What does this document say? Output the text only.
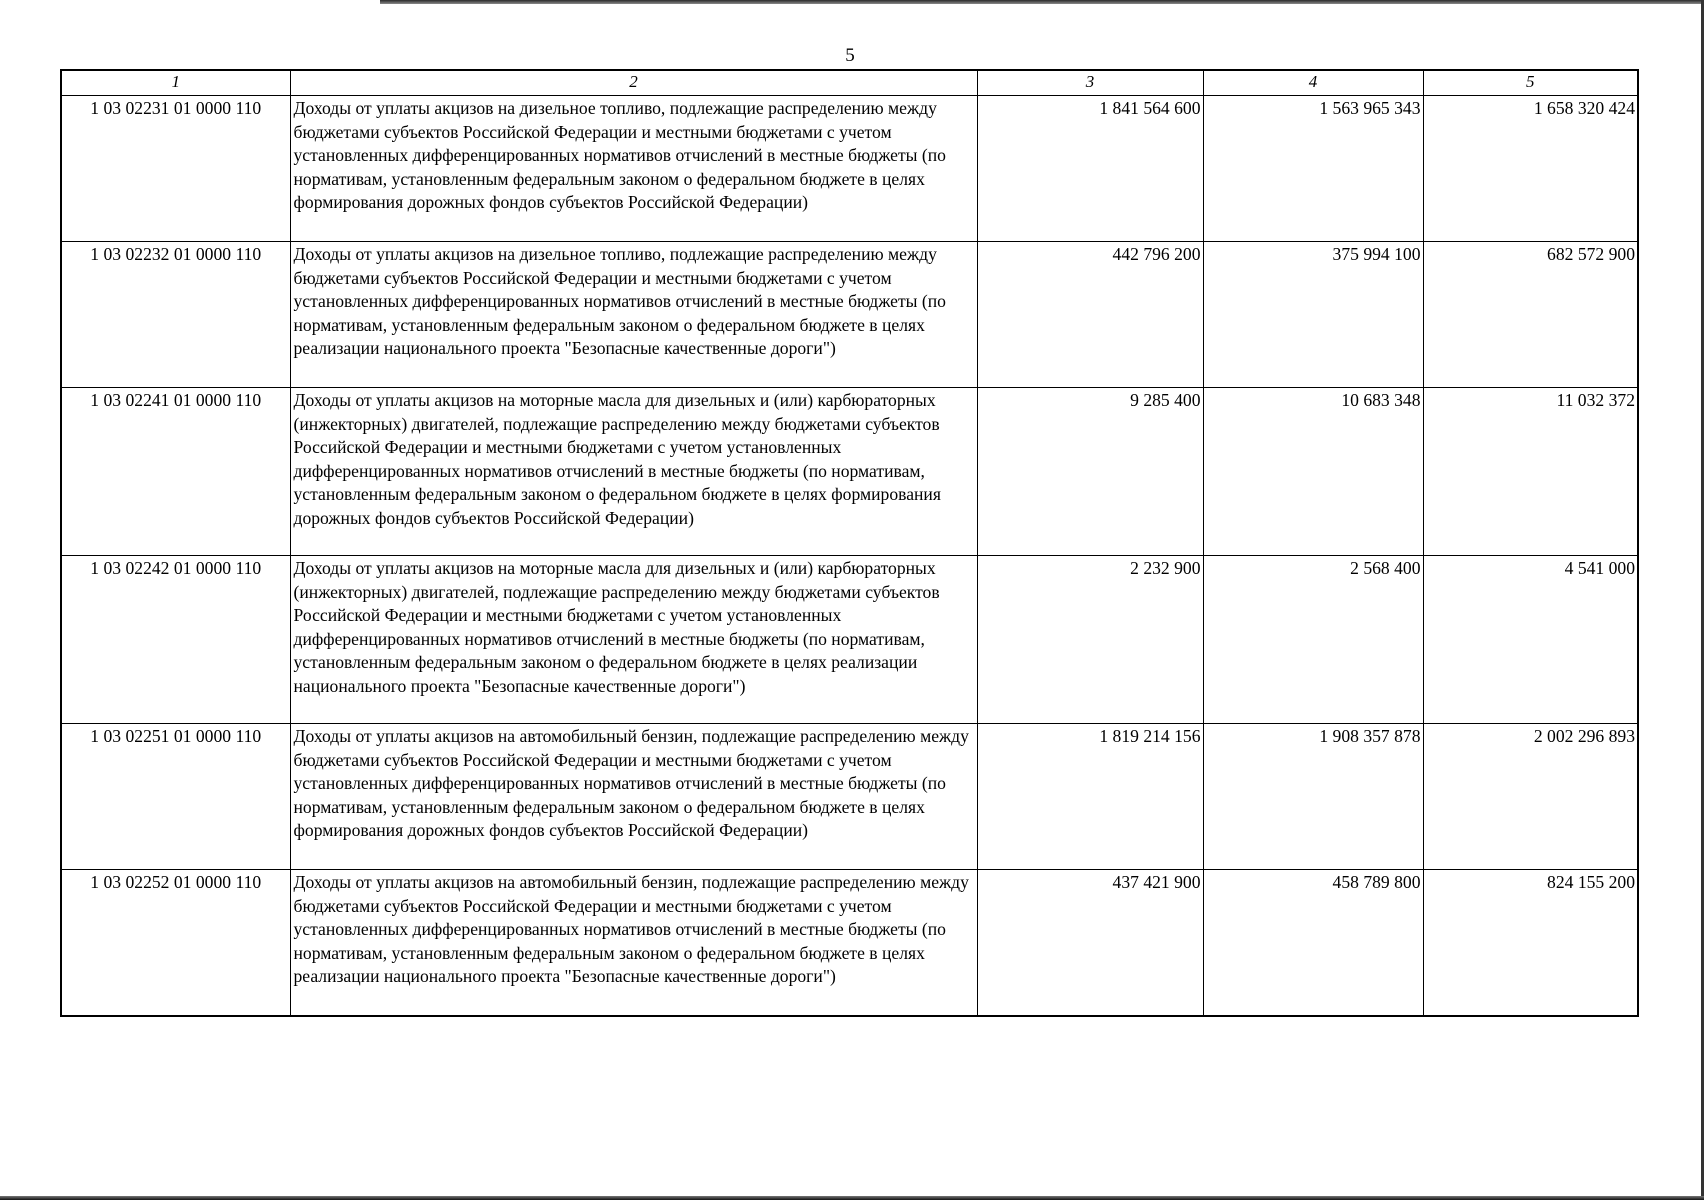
5
1	2	3	4	5
1 03 02231 01 0000 110	Доходы от уплаты акцизов на дизельное топливо, подлежащие распределению между бюджетами субъектов Российской Федерации и местными бюджетами с учетом установленных дифференцированных нормативов отчислений в местные бюджеты (по нормативам, установленным федеральным законом о федеральном бюджете в целях формирования дорожных фондов субъектов Российской Федерации)	1 841 564 600	1 563 965 343	1 658 320 424
1 03 02232 01 0000 110	Доходы от уплаты акцизов на дизельное топливо, подлежащие распределению между бюджетами субъектов Российской Федерации и местными бюджетами с учетом установленных дифференцированных нормативов отчислений в местные бюджеты (по нормативам, установленным федеральным законом о федеральном бюджете в целях реализации национального проекта "Безопасные качественные дороги")	442 796 200	375 994 100	682 572 900
1 03 02241 01 0000 110	Доходы от уплаты акцизов на моторные масла для дизельных и (или) карбюраторных (инжекторных) двигателей, подлежащие распределению между бюджетами субъектов Российской Федерации и местными бюджетами с учетом установленных дифференцированных нормативов отчислений в местные бюджеты (по нормативам, установленным федеральным законом о федеральном бюджете в целях формирования дорожных фондов субъектов Российской Федерации)	9 285 400	10 683 348	11 032 372
1 03 02242 01 0000 110	Доходы от уплаты акцизов на моторные масла для дизельных и (или) карбюраторных (инжекторных) двигателей, подлежащие распределению между бюджетами субъектов Российской Федерации и местными бюджетами с учетом установленных дифференцированных нормативов отчислений в местные бюджеты (по нормативам, установленным федеральным законом о федеральном бюджете в целях реализации национального проекта "Безопасные качественные дороги")	2 232 900	2 568 400	4 541 000
1 03 02251 01 0000 110	Доходы от уплаты акцизов на автомобильный бензин, подлежащие распределению между бюджетами субъектов Российской Федерации и местными бюджетами с учетом установленных дифференцированных нормативов отчислений в местные бюджеты (по нормативам, установленным федеральным законом о федеральном бюджете в целях формирования дорожных фондов субъектов Российской Федерации)	1 819 214 156	1 908 357 878	2 002 296 893
1 03 02252 01 0000 110	Доходы от уплаты акцизов на автомобильный бензин, подлежащие распределению между бюджетами субъектов Российской Федерации и местными бюджетами с учетом установленных дифференцированных нормативов отчислений в местные бюджеты (по нормативам, установленным федеральным законом о федеральном бюджете в целях реализации национального проекта "Безопасные качественные дороги")	437 421 900	458 789 800	824 155 200
